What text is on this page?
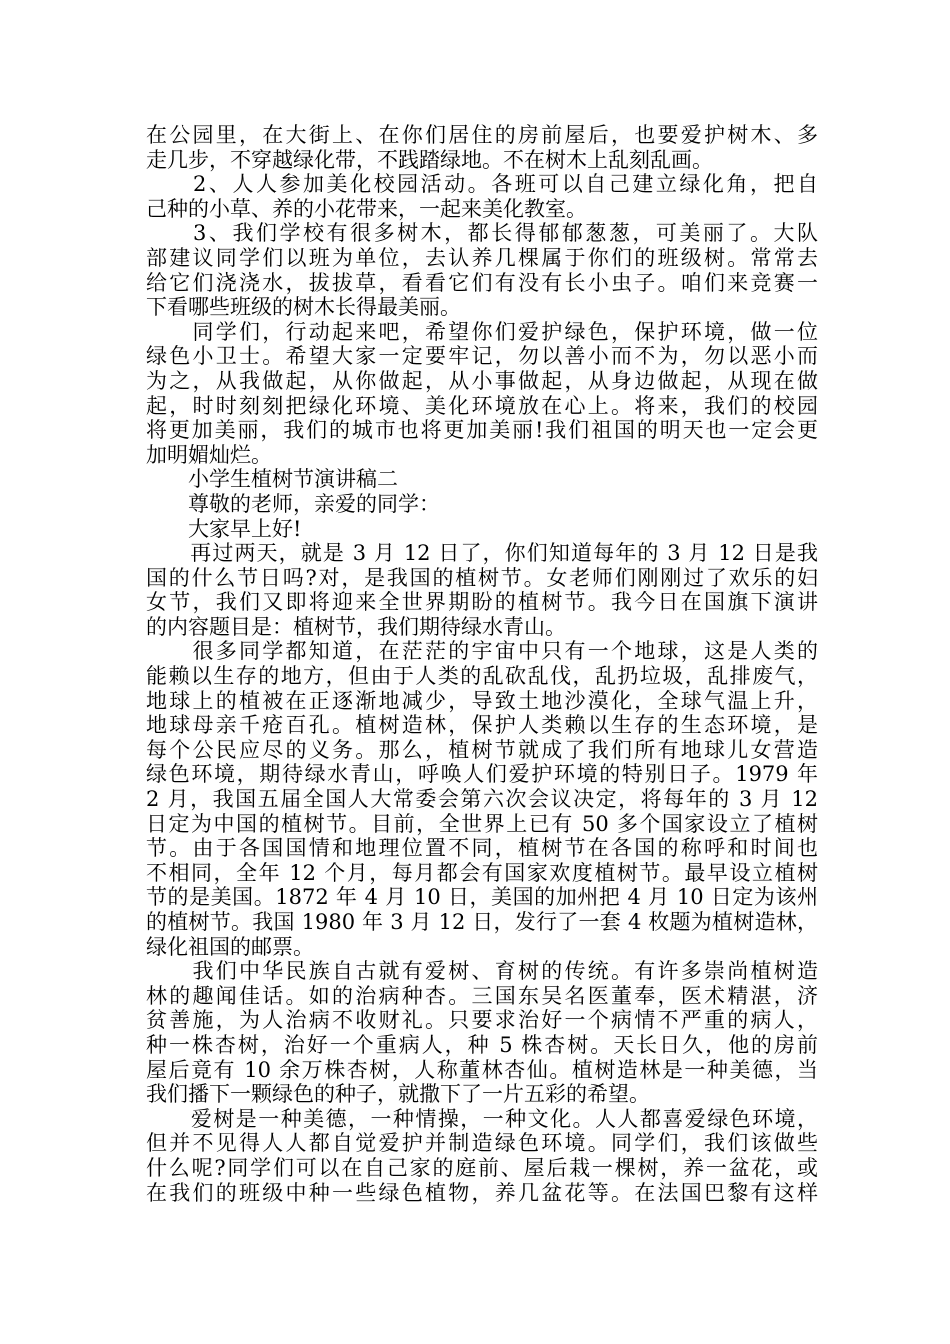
在公园里，在大街上、在你们居住的房前屋后，也要爱护树木、多
走几步，不穿越绿化带，不践踏绿地。不在树木上乱刻乱画。
　　2、人人参加美化校园活动。各班可以自己建立绿化角，把自
己种的小草、养的小花带来，一起来美化教室。
　　3、我们学校有很多树木，都长得郁郁葱葱，可美丽了。大队
部建议同学们以班为单位，去认养几棵属于你们的班级树。常常去
给它们浇浇水，拔拔草，看看它们有没有长小虫子。咱们来竞赛一
下看哪些班级的树木长得最美丽。
　　同学们，行动起来吧，希望你们爱护绿色，保护环境，做一位
绿色小卫士。希望大家一定要牢记，勿以善小而不为，勿以恶小而
为之，从我做起，从你做起，从小事做起，从身边做起，从现在做
起，时时刻刻把绿化环境、美化环境放在心上。将来，我们的校园
将更加美丽，我们的城市也将更加美丽!我们祖国的明天也一定会更
加明媚灿烂。
　　小学生植树节演讲稿二
　　尊敬的老师，亲爱的同学：
　　大家早上好!
　　再过两天，就是 3 月 12 日了，你们知道每年的 3 月 12 日是我
国的什么节日吗?对，是我国的植树节。女老师们刚刚过了欢乐的妇
女节，我们又即将迎来全世界期盼的植树节。我今日在国旗下演讲
的内容题目是：植树节，我们期待绿水青山。
　　很多同学都知道，在茫茫的宇宙中只有一个地球，这是人类的
能赖以生存的地方，但由于人类的乱砍乱伐，乱扔垃圾，乱排废气，
地球上的植被在正逐渐地减少，导致土地沙漠化，全球气温上升，
地球母亲千疮百孔。植树造林，保护人类赖以生存的生态环境，是
每个公民应尽的义务。那么，植树节就成了我们所有地球儿女营造
绿色环境，期待绿水青山，呼唤人们爱护环境的特别日子。1979 年
2 月，我国五届全国人大常委会第六次会议决定，将每年的 3 月 12
日定为中国的植树节。目前，全世界上已有 50 多个国家设立了植树
节。由于各国国情和地理位置不同，植树节在各国的称呼和时间也
不相同，全年 12 个月，每月都会有国家欢度植树节。最早设立植树
节的是美国。1872 年 4 月 10 日，美国的加州把 4 月 10 日定为该州
的植树节。我国 1980 年 3 月 12 日，发行了一套 4 枚题为植树造林，
绿化祖国的邮票。
　　我们中华民族自古就有爱树、育树的传统。有许多崇尚植树造
林的趣闻佳话。如的治病种杏。三国东吴名医董奉，医术精湛，济
贫善施，为人治病不收财礼。只要求治好一个病情不严重的病人，
种一株杏树，治好一个重病人，种 5 株杏树。天长日久，他的房前
屋后竟有 10 余万株杏树，人称董林杏仙。植树造林是一种美德，当
我们播下一颗绿色的种子，就撒下了一片五彩的希望。
　　爱树是一种美德，一种情操，一种文化。人人都喜爱绿色环境，
但并不见得人人都自觉爱护并制造绿色环境。同学们，我们该做些
什么呢?同学们可以在自己家的庭前、屋后栽一棵树，养一盆花，或
在我们的班级中种一些绿色植物，养几盆花等。在法国巴黎有这样
